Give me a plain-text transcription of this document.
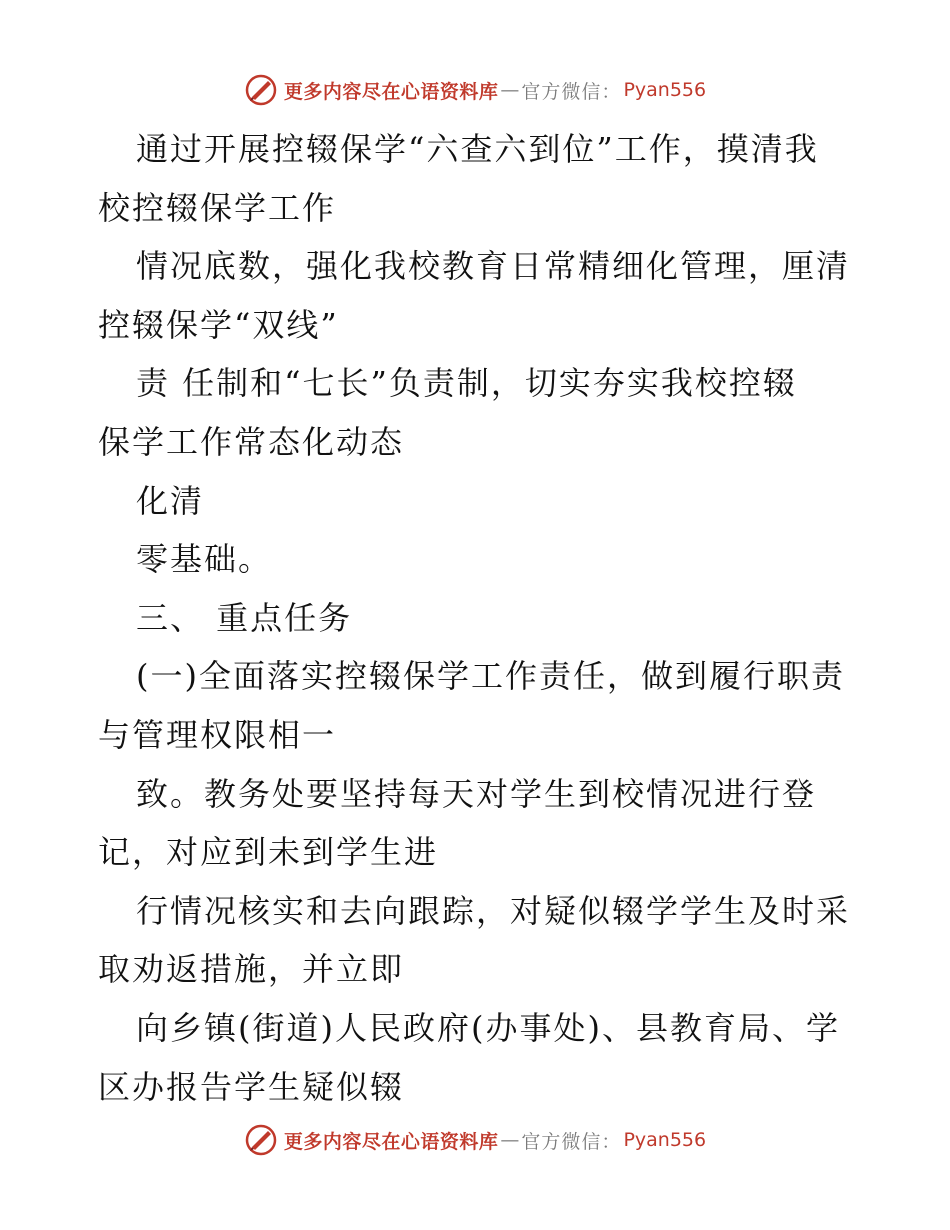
更多内容尽在心语资料库 — 官方微信： Pyan556
通过开展控辍保学“六查六到位”工作，摸清我
校控辍保学工作
情况底数，强化我校教育日常精细化管理，厘清
控辍保学“双线”
责 任制和“七长”负责制，切实夯实我校控辍
保学工作常态化动态
化清
零基础。
三、 重点任务
(一)全面落实控辍保学工作责任，做到履行职责
与管理权限相一
致。教务处要坚持每天对学生到校情况进行登
记，对应到未到学生进
行情况核实和去向跟踪，对疑似辍学学生及时采
取劝返措施，并立即
向乡镇(街道)人民政府(办事处)、县教育局、学
区办报告学生疑似辍
更多内容尽在心语资料库 — 官方微信： Pyan556
